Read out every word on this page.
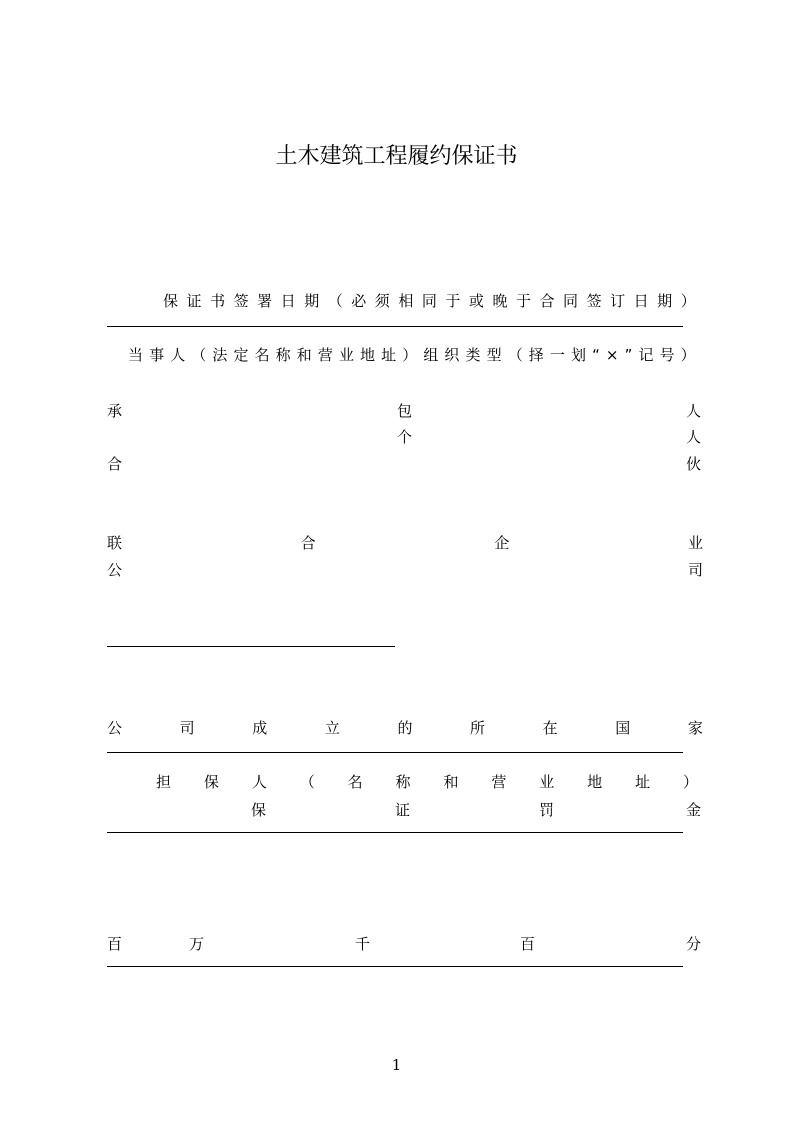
土木建筑工程履约保证书
保 证 书 签 署 日 期 （ 必 须 相 同 于 或 晚 于 合 同 签 订 日 期 ）
当 事 人 （ 法 定 名 称 和 营 业 地 址 ） 组 织 类 型 （ 择 一 划 “ × ” 记 号 ）
承	包	人
个	人
合	伙
联	合	企	业
公	司
公	司	成	立	的	所	在	国	家
担 保 人 （ 名 称 和 营 业 地 址 ）
保	证	罚	金
百	万	千	百	分
1
